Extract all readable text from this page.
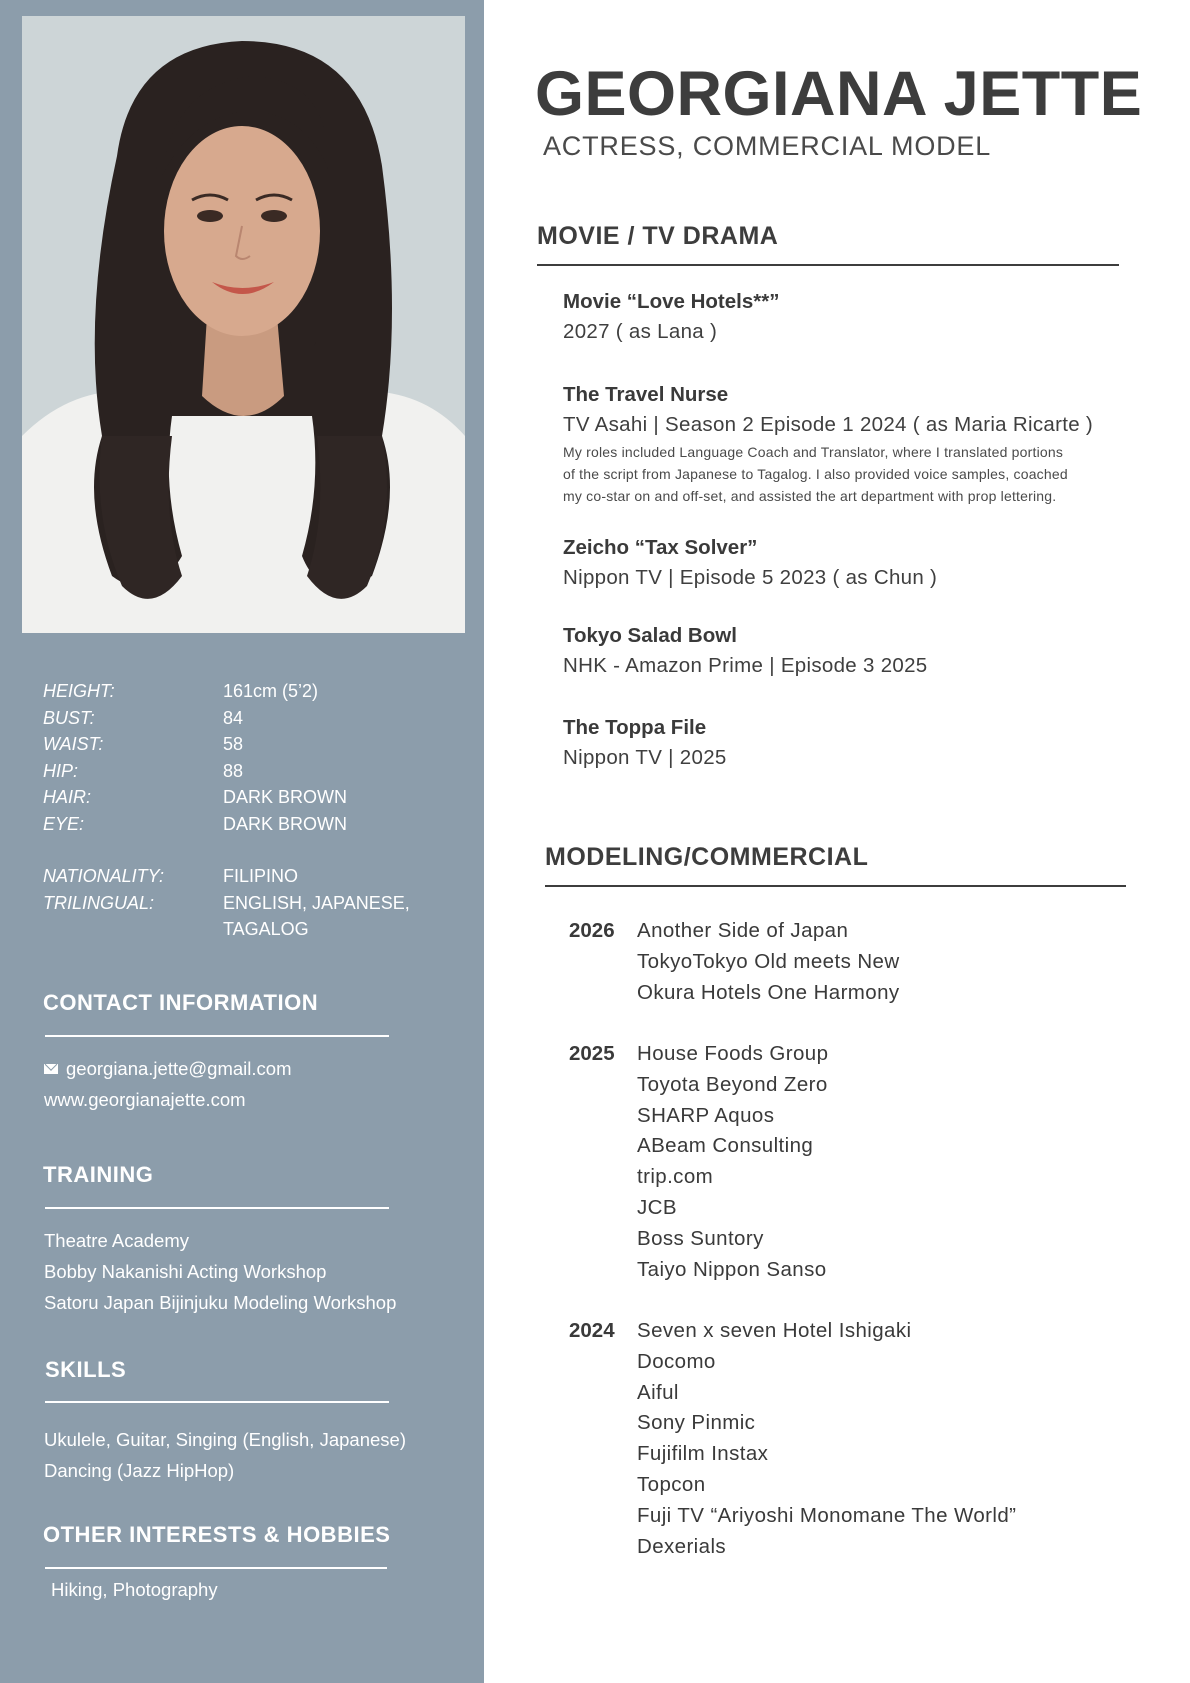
HEIGHT:	161cm (5’2)
BUST:	84
WAIST:	58
HIP:	88
HAIR:	DARK BROWN
EYE:	DARK BROWN
NATIONALITY:	FILIPINO
TRILINGUAL:	ENGLISH, JAPANESE,
TAGALOG
CONTACT INFORMATION
georgiana.jette@gmail.com
www.georgianajette.com
TRAINING
Theatre Academy
Bobby Nakanishi Acting Workshop
Satoru Japan Bijinjuku Modeling Workshop
SKILLS
Ukulele, Guitar, Singing (English, Japanese)
Dancing (Jazz HipHop)
OTHER INTERESTS & HOBBIES
Hiking, Photography
GEORGIANA JETTE
ACTRESS, COMMERCIAL MODEL
MOVIE / TV DRAMA
Movie “Love Hotels**”
2027 ( as Lana )
The Travel Nurse
TV Asahi | Season 2 Episode 1 2024 ( as Maria Ricarte )
My roles included Language Coach and Translator, where I translated portions
of the script from Japanese to Tagalog. I also provided voice samples, coached
my co-star on and off-set, and assisted the art department with prop lettering.
Zeicho “Tax Solver”
Nippon TV | Episode 5 2023 ( as Chun )
Tokyo Salad Bowl
NHK - Amazon Prime | Episode 3 2025
The Toppa File
Nippon TV | 2025
MODELING/COMMERCIAL
2026	Another Side of Japan
TokyoTokyo Old meets New
Okura Hotels One Harmony
2025	House Foods Group
Toyota Beyond Zero
SHARP Aquos
ABeam Consulting
trip.com
JCB
Boss Suntory
Taiyo Nippon Sanso
2024	Seven x seven Hotel Ishigaki
Docomo
Aiful
Sony Pinmic
Fujifilm Instax
Topcon
Fuji TV “Ariyoshi Monomane The World”
Dexerials
